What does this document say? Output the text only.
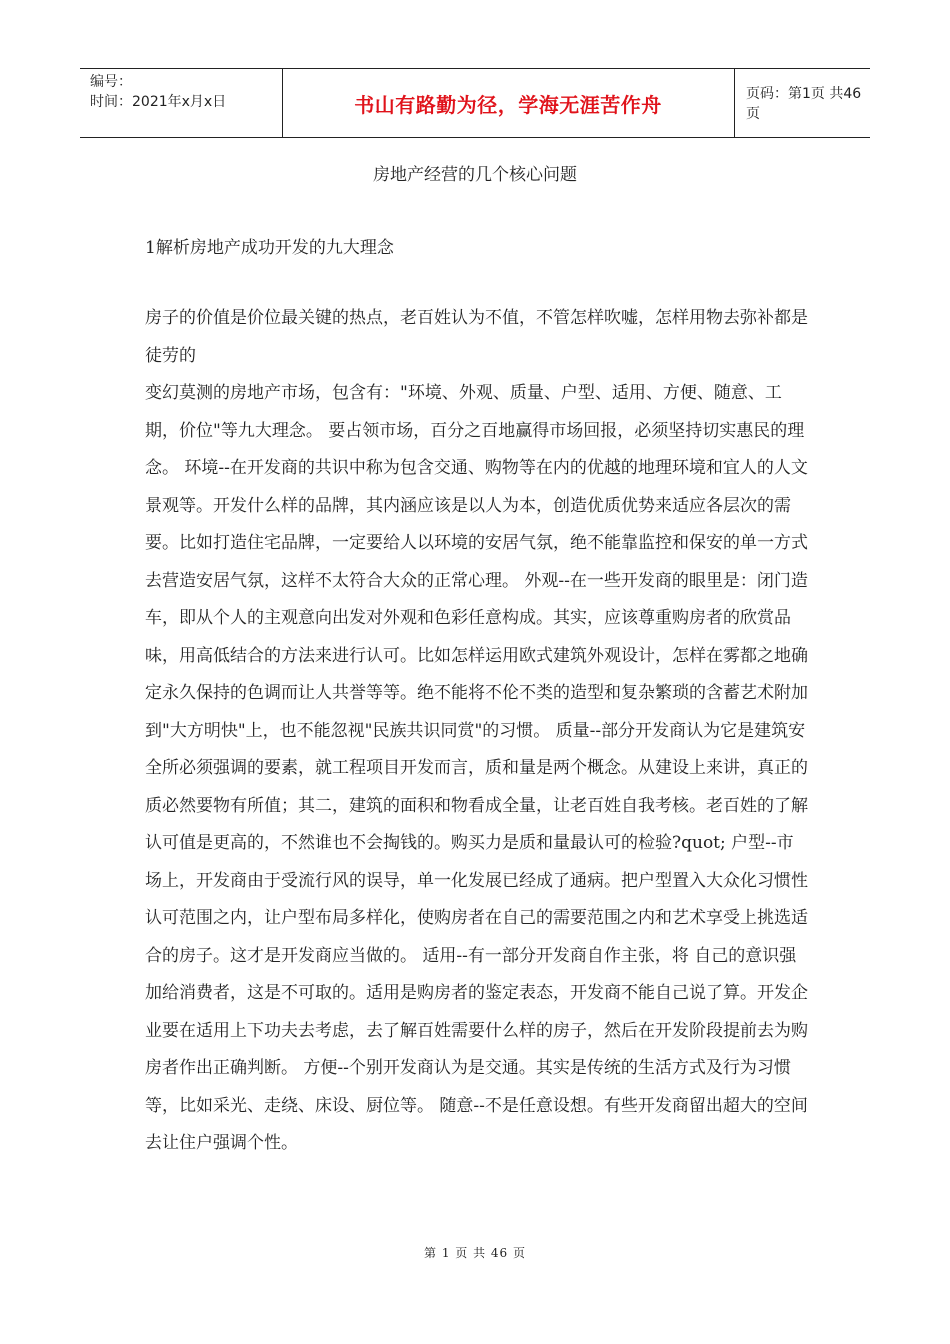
编号：
时间：2021年x月x日	书山有路勤为径，学海无涯苦作舟	页码：第1页 共46页
房地产经营的几个核心问题
1解析房地产成功开发的九大理念

房子的价值是价位最关键的热点，老百姓认为不值，不管怎样吹嘘，怎样用物去弥补都是徒劳的

变幻莫测的房地产市场，包含有："环境、外观、质量、户型、适用、方便、随意、工期，价位"等九大理念。 要占领市场，百分之百地赢得市场回报，必须坚持切实惠民的理念。 环境--在开发商的共识中称为包含交通、购物等在内的优越的地理环境和宜人的人文景观等。开发什么样的品牌，其内涵应该是以人为本，创造优质优势来适应各层次的需要。比如打造住宅品牌，一定要给人以环境的安居气氛，绝不能靠监控和保安的单一方式去营造安居气氛，这样不太符合大众的正常心理。 外观--在一些开发商的眼里是：闭门造车，即从个人的主观意向出发对外观和色彩任意构成。其实，应该尊重购房者的欣赏品味，用高低结合的方法来进行认可。比如怎样运用欧式建筑外观设计，怎样在雾都之地确定永久保持的色调而让人共誉等等。绝不能将不伦不类的造型和复杂繁琐的含蓄艺术附加到"大方明快"上，也不能忽视"民族共识同赏"的习惯。 质量--部分开发商认为它是建筑安全所必须强调的要素，就工程项目开发而言，质和量是两个概念。从建设上来讲，真正的质必然要物有所值；其二，建筑的面积和物看成全量，让老百姓自我考核。老百姓的了解认可值是更高的，不然谁也不会掏钱的。购买力是质和量最认可的检验?quot; 户型--市场上，开发商由于受流行风的误导，单一化发展已经成了通病。把户型置入大众化习惯性认可范围之内，让户型布局多样化，使购房者在自己的需要范围之内和艺术享受上挑选适合的房子。这才是开发商应当做的。 适用--有一部分开发商自作主张，将 自己的意识强加给消费者，这是不可取的。适用是购房者的鉴定表态，开发商不能自己说了算。开发企业要在适用上下功夫去考虑，去了解百姓需要什么样的房子，然后在开发阶段提前去为购房者作出正确判断。 方便--个别开发商认为是交通。其实是传统的生活方式及行为习惯等，比如采光、走绕、床设、厨位等。 随意--不是任意设想。有些开发商留出超大的空间去让住户强调个性。

第 1 页 共 46 页
